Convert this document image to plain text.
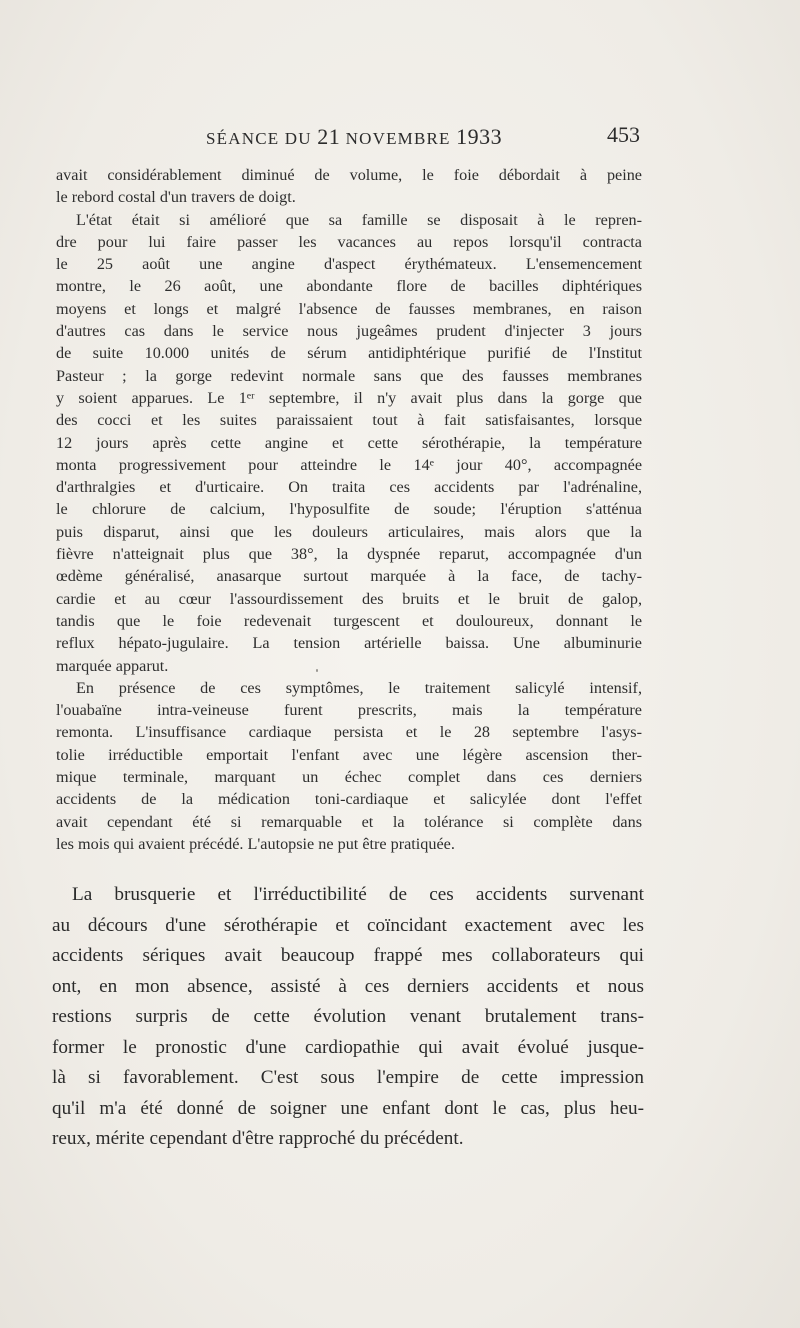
SÉANCE DU 21 NOVEMBRE 1933	453
avait considérablement diminué de volume, le foie débordait à peine
le rebord costal d'un travers de doigt.
L'état était si amélioré que sa famille se disposait à le repren-
dre pour lui faire passer les vacances au repos lorsqu'il contracta
le 25 août une angine d'aspect érythémateux. L'ensemencement
montre, le 26 août, une abondante flore de bacilles diphtériques
moyens et longs et malgré l'absence de fausses membranes, en raison
d'autres cas dans le service nous jugeâmes prudent d'injecter 3 jours
de suite 10.000 unités de sérum antidiphtérique purifié de l'Institut
Pasteur ; la gorge redevint normale sans que des fausses membranes
y soient apparues. Le 1ᵉʳ septembre, il n'y avait plus dans la gorge que
des cocci et les suites paraissaient tout à fait satisfaisantes, lorsque
12 jours après cette angine et cette sérothérapie, la température
monta progressivement pour atteindre le 14ᵉ jour 40°, accompagnée
d'arthralgies et d'urticaire. On traita ces accidents par l'adrénaline,
le chlorure de calcium, l'hyposulfite de soude; l'éruption s'atténua
puis disparut, ainsi que les douleurs articulaires, mais alors que la
fièvre n'atteignait plus que 38°, la dyspnée reparut, accompagnée d'un
œdème généralisé, anasarque surtout marquée à la face, de tachy-
cardie et au cœur l'assourdissement des bruits et le bruit de galop,
tandis que le foie redevenait turgescent et douloureux, donnant le
reflux hépato-jugulaire. La tension artérielle baissa. Une albuminurie
marquée apparut.
En présence de ces symptômes, le traitement salicylé intensif,
l'ouabaïne intra-veineuse furent prescrits, mais la température
remonta. L'insuffisance cardiaque persista et le 28 septembre l'asys-
tolie irréductible emportait l'enfant avec une légère ascension ther-
mique terminale, marquant un échec complet dans ces derniers
accidents de la médication toni-cardiaque et salicylée dont l'effet
avait cependant été si remarquable et la tolérance si complète dans
les mois qui avaient précédé. L'autopsie ne put être pratiquée.
La brusquerie et l'irréductibilité de ces accidents survenant
au décours d'une sérothérapie et coïncidant exactement avec les
accidents sériques avait beaucoup frappé mes collaborateurs qui
ont, en mon absence, assisté à ces derniers accidents et nous
restions surpris de cette évolution venant brutalement trans-
former le pronostic d'une cardiopathie qui avait évolué jusque-
là si favorablement. C'est sous l'empire de cette impression
qu'il m'a été donné de soigner une enfant dont le cas, plus heu-
reux, mérite cependant d'être rapproché du précédent.
